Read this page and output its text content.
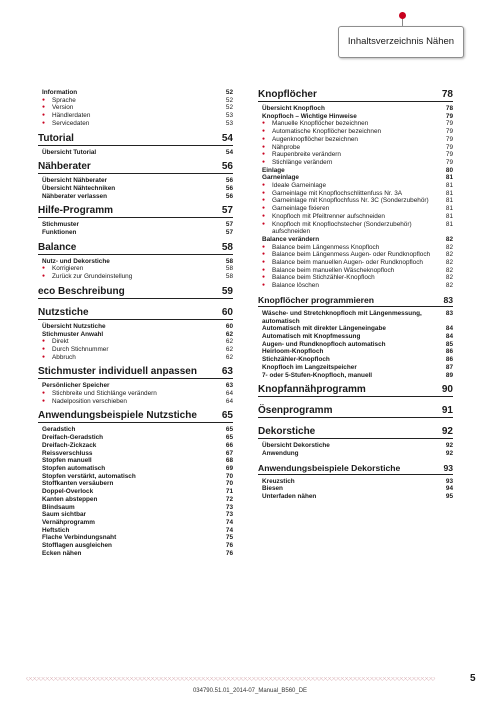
Inhaltsverzeichnis Nähen
Information	52
● Sprache	52
● Version	52
● Händlerdaten	53
● Servicedaten	53
Tutorial	54
Übersicht Tutorial	54
Nähberater	56
Übersicht Nähberater	56
Übersicht Nähtechniken	56
Nähberater verlassen	56
Hilfe-Programm	57
Stichmuster	57
Funktionen	57
Balance	58
Nutz- und Dekorstiche	58
● Korrigieren	58
● Zurück zur Grundeinstellung	58
eco Beschreibung	59
Nutzstiche	60
Übersicht Nutzstiche	60
Stichmuster Anwahl	62
● Direkt	62
● Durch Stichnummer	62
● Abbruch	62
Stichmuster individuell anpassen 63
Persönlicher Speicher	63
● Stichbreite und Stichlänge verändern	64
● Nadelposition verschieben	64
Anwendungsbeispiele Nutzstiche 65
Geradstich	65
Dreifach-Geradstich	65
Dreifach-Zickzack	66
Reissverschluss	67
Stopfen manuell	68
Stopfen automatisch	69
Stopfen verstärkt, automatisch	70
Stoffkanten versäubern	70
Doppel-Overlock	71
Kanten absteppen	72
Blindsaum	73
Saum sichtbar	73
Vernähprogramm	74
Heftstich	74
Flache Verbindungsnaht	75
Stofflagen ausgleichen	76
Ecken nähen	76
Knopflöcher	78
Übersicht Knopfloch	78
Knopfloch – Wichtige Hinweise	79
● Manuelle Knopflöcher bezeichnen	79
● Automatische Knopflöcher bezeichnen	79
● Augenknopflöcher bezeichnen	79
● Nähprobe	79
● Raupenbreite verändern	79
● Stichlänge verändern	79
Einlage	80
Garneinlage	81
● Ideale Garneinlage	81
● Garneinlage mit Knopflochschlittenfuss Nr. 3A	81
● Garneinlage mit Knopflochfuss Nr. 3C (Sonderzubehör)	81
● Garneinlage fixieren	81
● Knopfloch mit Pfeiltrenner aufschneiden	81
● Knopfloch mit Knopflochstecher (Sonderzubehör) aufschneiden
81
Balance verändern	82
● Balance beim Längenmess Knopfloch	82
● Balance beim Längenmess Augen- oder Rundknopfloch	82
● Balance beim manuellen Augen- oder Rundknopfloch	82
● Balance beim manuellen Wäscheknopfloch	82
● Balance beim Stichzähler-Knopfloch	82
● Balance löschen	82
Knopflöcher programmieren	83
Wäsche- und Stretchknopfloch mit Längenmessung, automatisch
83
Automatisch mit direkter Längeneingabe	84
Automatisch mit Knopfmessung	84
Augen- und Rundknopfloch automatisch	85
Heirloom-Knopfloch	86
Stichzähler-Knopfloch	86
Knopfloch im Langzeitspeicher	87
7- oder 5-Stufen-Knopfloch, manuell	89
Knopfannähprogramm	90
Ösenprogramm	91
Dekorstiche	92
Übersicht Dekorstiche	92
Anwendung	92
Anwendungsbeispiele Dekorstiche	93
Kreuzstich	93
Biesen	94
Unterfaden nähen	95
◇◇◇◇◇◇◇◇◇◇◇◇◇◇◇◇◇◇◇◇◇◇◇◇◇◇◇◇◇◇◇◇◇◇◇◇◇◇◇◇◇◇◇◇◇◇◇◇◇◇◇◇◇◇◇◇◇◇◇◇◇◇◇◇◇◇◇◇◇◇◇◇◇◇◇◇◇◇◇◇◇◇◇◇◇◇◇◇◇◇◇◇◇◇◇◇◇	5
034790.51.01_2014-07_Manual_B560_DE
